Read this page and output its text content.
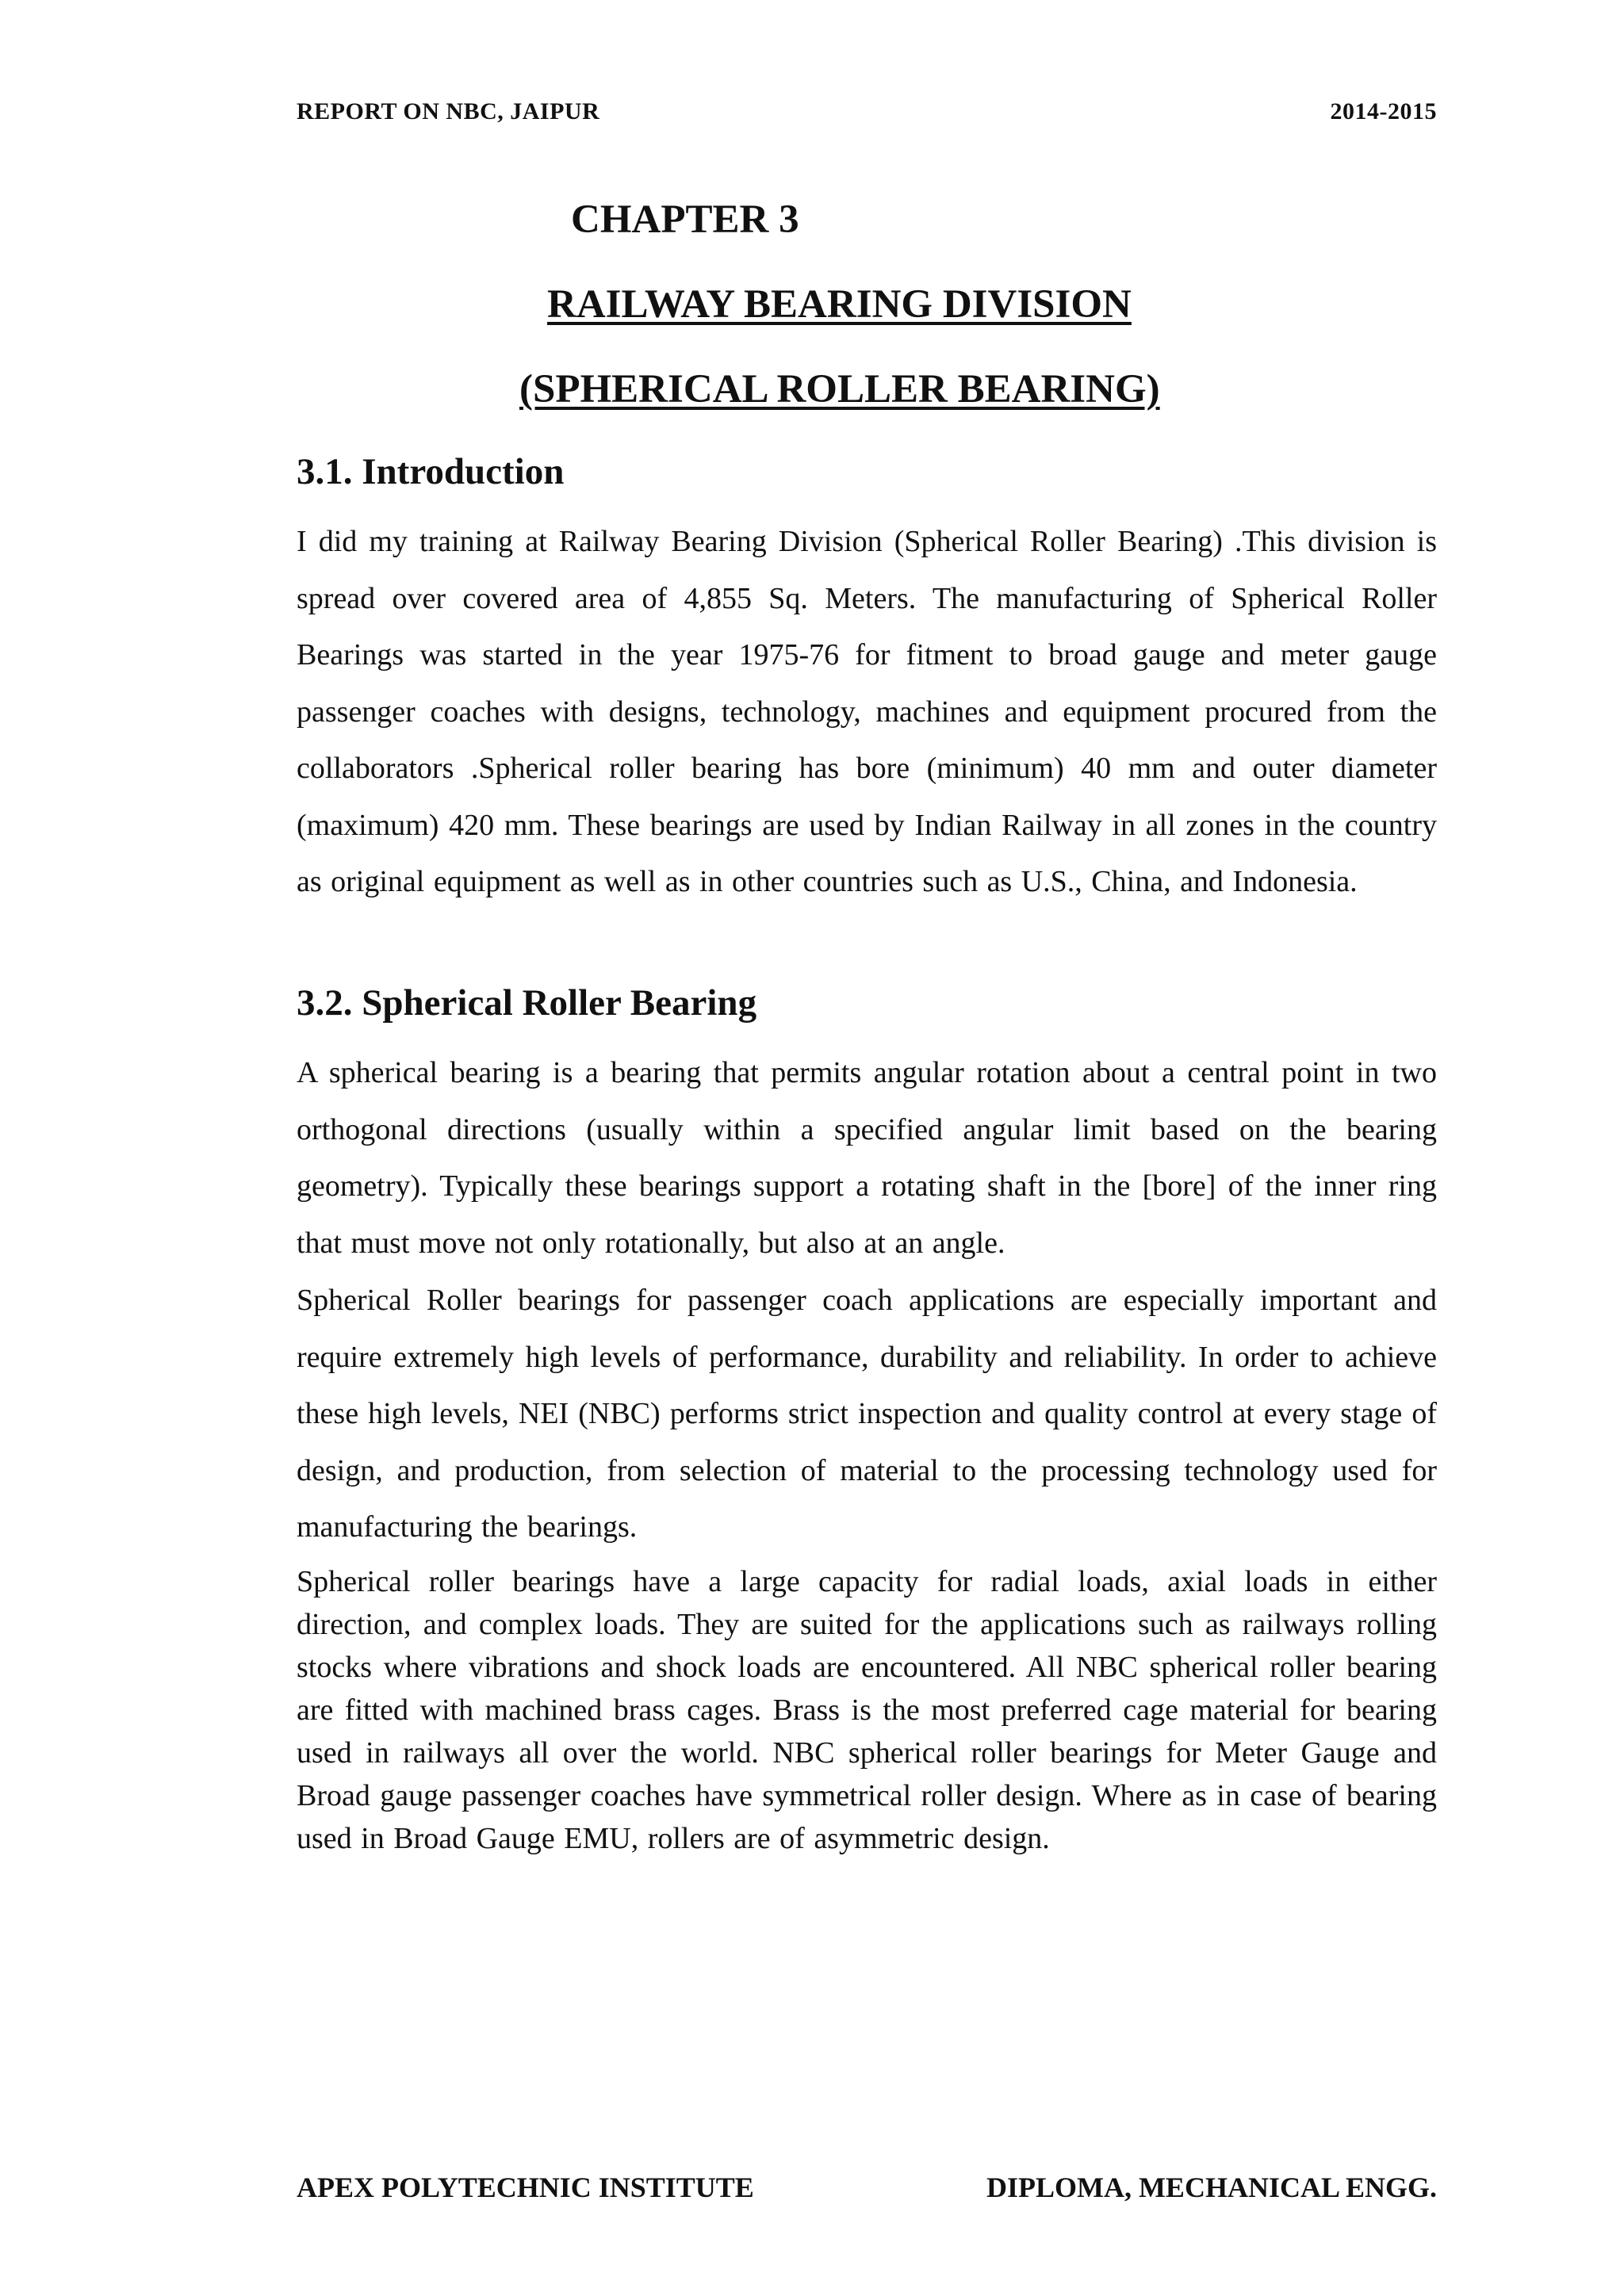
REPORT ON NBC, JAIPUR	2014-2015
CHAPTER 3
RAILWAY BEARING DIVISION
(SPHERICAL ROLLER BEARING)
3.1. Introduction

I did my training at Railway Bearing Division (Spherical Roller Bearing) .This division is spread over covered area of 4,855 Sq. Meters. The manufacturing of Spherical Roller Bearings was started in the year 1975-76 for fitment to broad gauge and meter gauge passenger coaches with designs, technology, machines and equipment procured from the collaborators .Spherical roller bearing has bore (minimum) 40 mm and outer diameter (maximum) 420 mm. These bearings are used by Indian Railway in all zones in the country as original equipment as well as in other countries such as U.S., China, and Indonesia.

3.2. Spherical Roller Bearing

A spherical bearing is a bearing that permits angular rotation about a central point in two orthogonal directions (usually within a specified angular limit based on the bearing geometry). Typically these bearings support a rotating shaft in the [bore] of the inner ring that must move not only rotationally, but also at an angle.

Spherical Roller bearings for passenger coach applications are especially important and require extremely high levels of performance, durability and reliability. In order to achieve these high levels, NEI (NBC) performs strict inspection and quality control at every stage of design, and production, from selection of material to the processing technology used for manufacturing the bearings.

Spherical roller bearings have a large capacity for radial loads, axial loads in either direction, and complex loads. They are suited for the applications such as railways rolling stocks where vibrations and shock loads are encountered. All NBC spherical roller bearing are fitted with machined brass cages. Brass is the most preferred cage material for bearing used in railways all over the world. NBC spherical roller bearings for Meter Gauge and Broad gauge passenger coaches have symmetrical roller design. Where as in case of bearing used in Broad Gauge EMU, rollers are of asymmetric design.

APEX POLYTECHNIC INSTITUTE	DIPLOMA, MECHANICAL ENGG.
